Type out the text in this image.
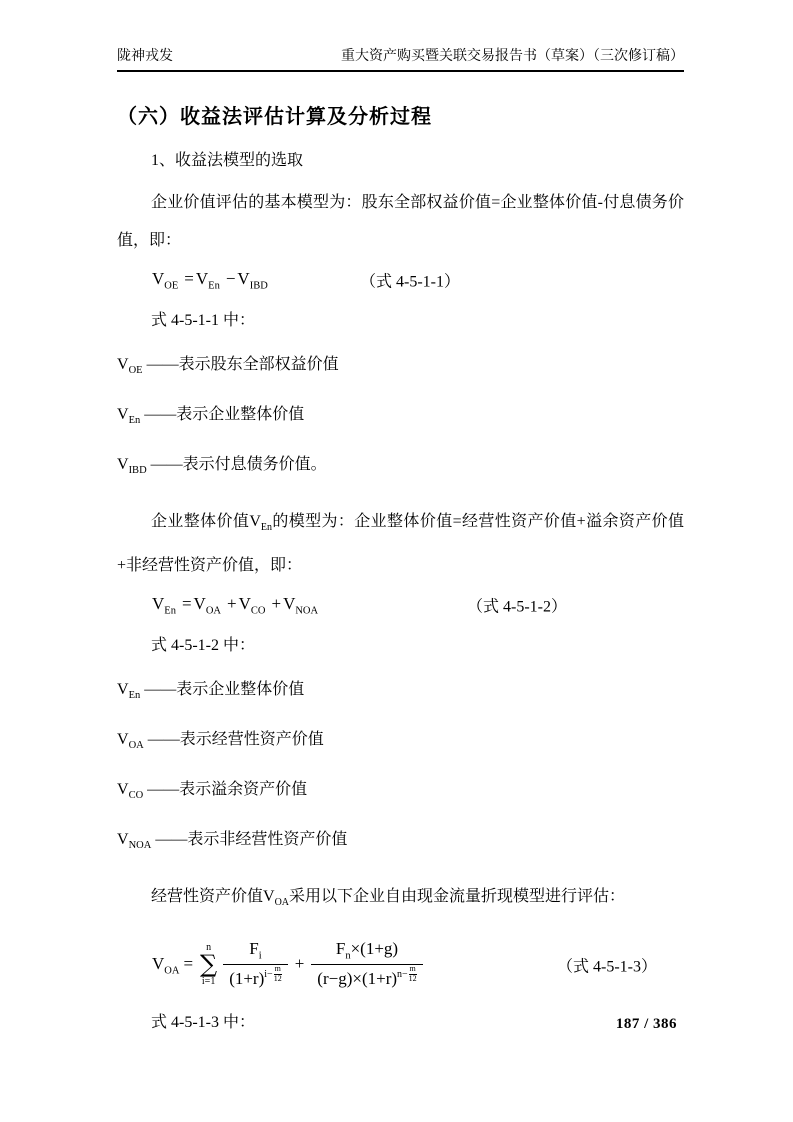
陇神戎发	重大资产购买暨关联交易报告书（草案）（三次修订稿）
（六）收益法评估计算及分析过程

1、收益法模型的选取

企业价值评估的基本模型为：股东全部权益价值=企业整体价值-付息债务价值，即：

$V_{OE} = V_{En} - V_{IBD}$	（式 4-5-1-1）

式 4-5-1-1 中：

$V_{OE}$ ——表示股东全部权益价值

$V_{En}$ ——表示企业整体价值

$V_{IBD}$ ——表示付息债务价值。

企业整体价值$V_{En}$的模型为：企业整体价值=经营性资产价值+溢余资产价值+非经营性资产价值，即：

$V_{En} = V_{OA} + V_{CO} + V_{NOA}$	（式 4-5-1-2）

式 4-5-1-2 中：

$V_{En}$ ——表示企业整体价值

$V_{OA}$ ——表示经营性资产价值

$V_{CO}$ ——表示溢余资产价值

$V_{NOA}$ ——表示非经营性资产价值

经营性资产价值$V_{OA}$采用以下企业自由现金流量折现模型进行评估：

$V_{OA}$ =
n
∑
$i=1 \frac{F_i}{(1+r) i- \frac{m}{12}} + \frac{F_n\times(1+g)}{(r-g)\times(1+r) n- \frac{m}{12}}$	（式 4-5-1-3）

式 4-5-1-3 中：	187 / 386
